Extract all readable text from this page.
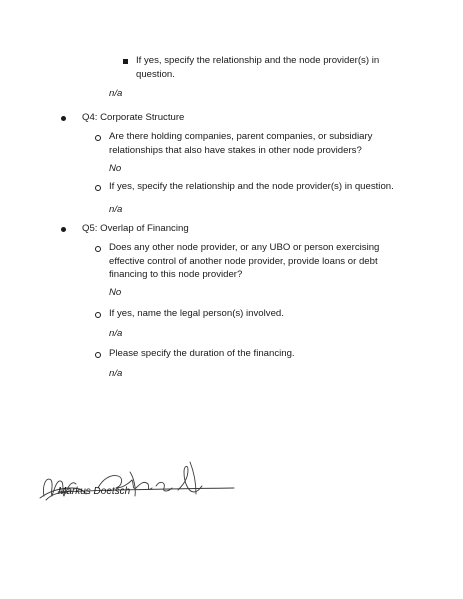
If yes, specify the relationship and the node provider(s) in question.

n/a

Q4: Corporate Structure

Are there holding companies, parent companies, or subsidiary relationships that also have stakes in other node providers?

No

If yes, specify the relationship and the node provider(s) in question.

n/a

Q5: Overlap of Financing

Does any other node provider, or any UBO or person exercising effective control of another node provider, provide loans or debt financing to this node provider?

No

If yes, name the legal person(s) involved.

n/a

Please specify the duration of the financing.

n/a

Markus Doetsch
